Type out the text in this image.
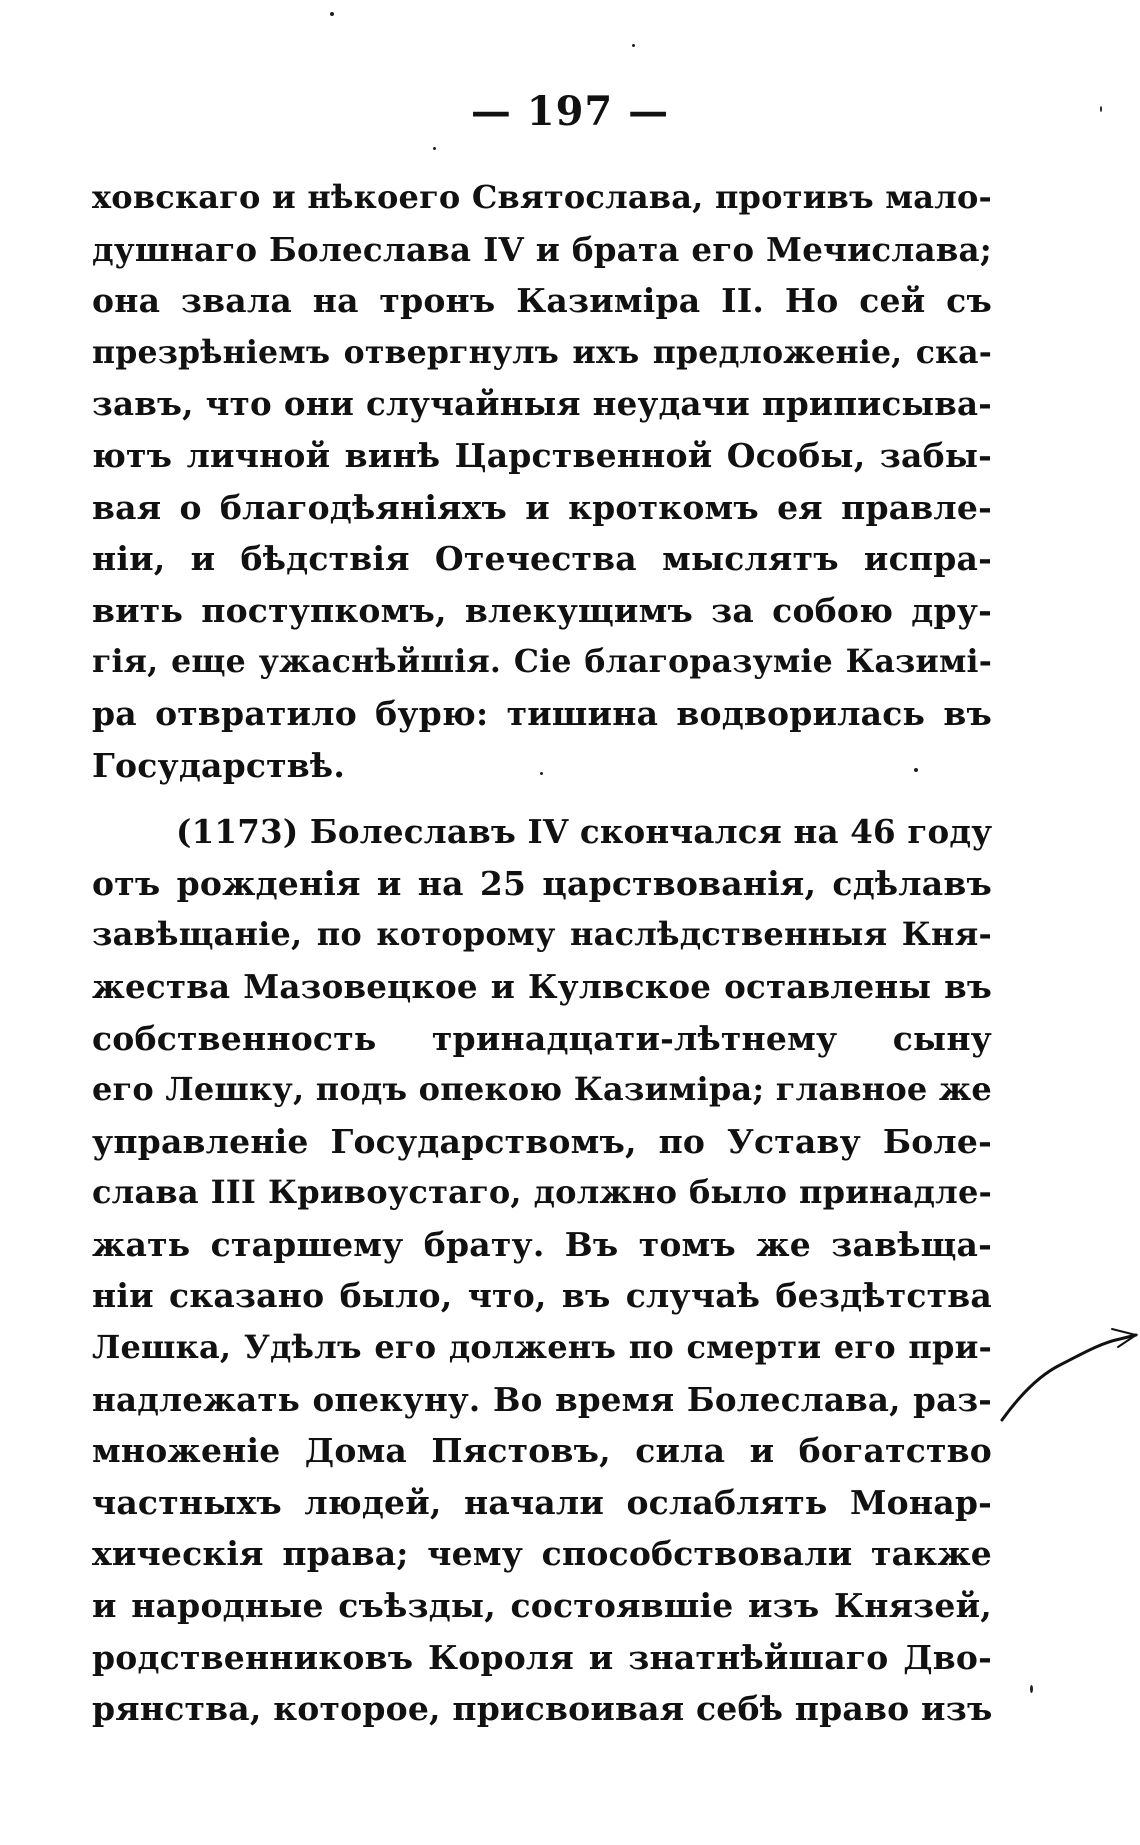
— 197 —
ховскаго и нѣкоего Святослава, противъ мало-
душнаго Болеслава IV и брата его Мечислава;
она звала на тронъ Казиміра II. Но сей съ
презрѣніемъ отвергнулъ ихъ предложеніе, ска-
завъ, что они случайныя неудачи приписыва-
ютъ личной винѣ Царственной Особы, забы-
вая о благодѣяніяхъ и кроткомъ ея правле-
ніи, и бѣдствія Отечества мыслятъ испра-
вить поступкомъ, влекущимъ за собою дру-
гія, еще ужаснѣйшія. Сіе благоразуміе Казимі-
ра отвратило бурю: тишина водворилась въ
Государствѣ.
(1173) Болеславъ IV скончался на 46 году
отъ рожденія и на 25 царствованія, сдѣлавъ
завѣщаніе, по которому наслѣдственныя Кня-
жества Мазовецкое и Кулвское оставлены въ
собственность тринадцати-лѣтнему сыну
его Лешку, подъ опекою Казиміра; главное же
управленіе Государствомъ, по Уставу Боле-
слава III Кривоустаго, должно было принадле-
жать старшему брату. Въ томъ же завѣща-
ніи сказано было, что, въ случаѣ бездѣтства
Лешка, Удѣлъ его долженъ по смерти его при-
надлежать опекуну. Во время Болеслава, раз-
множеніе Дома Пястовъ, сила и богатство
частныхъ людей, начали ослаблять Монар-
хическія права; чему способствовали также
и народные съѣзды, состоявшіе изъ Князей,
родственниковъ Короля и знатнѣйшаго Дво-
рянства, которое, присвоивая себѣ право изъ
